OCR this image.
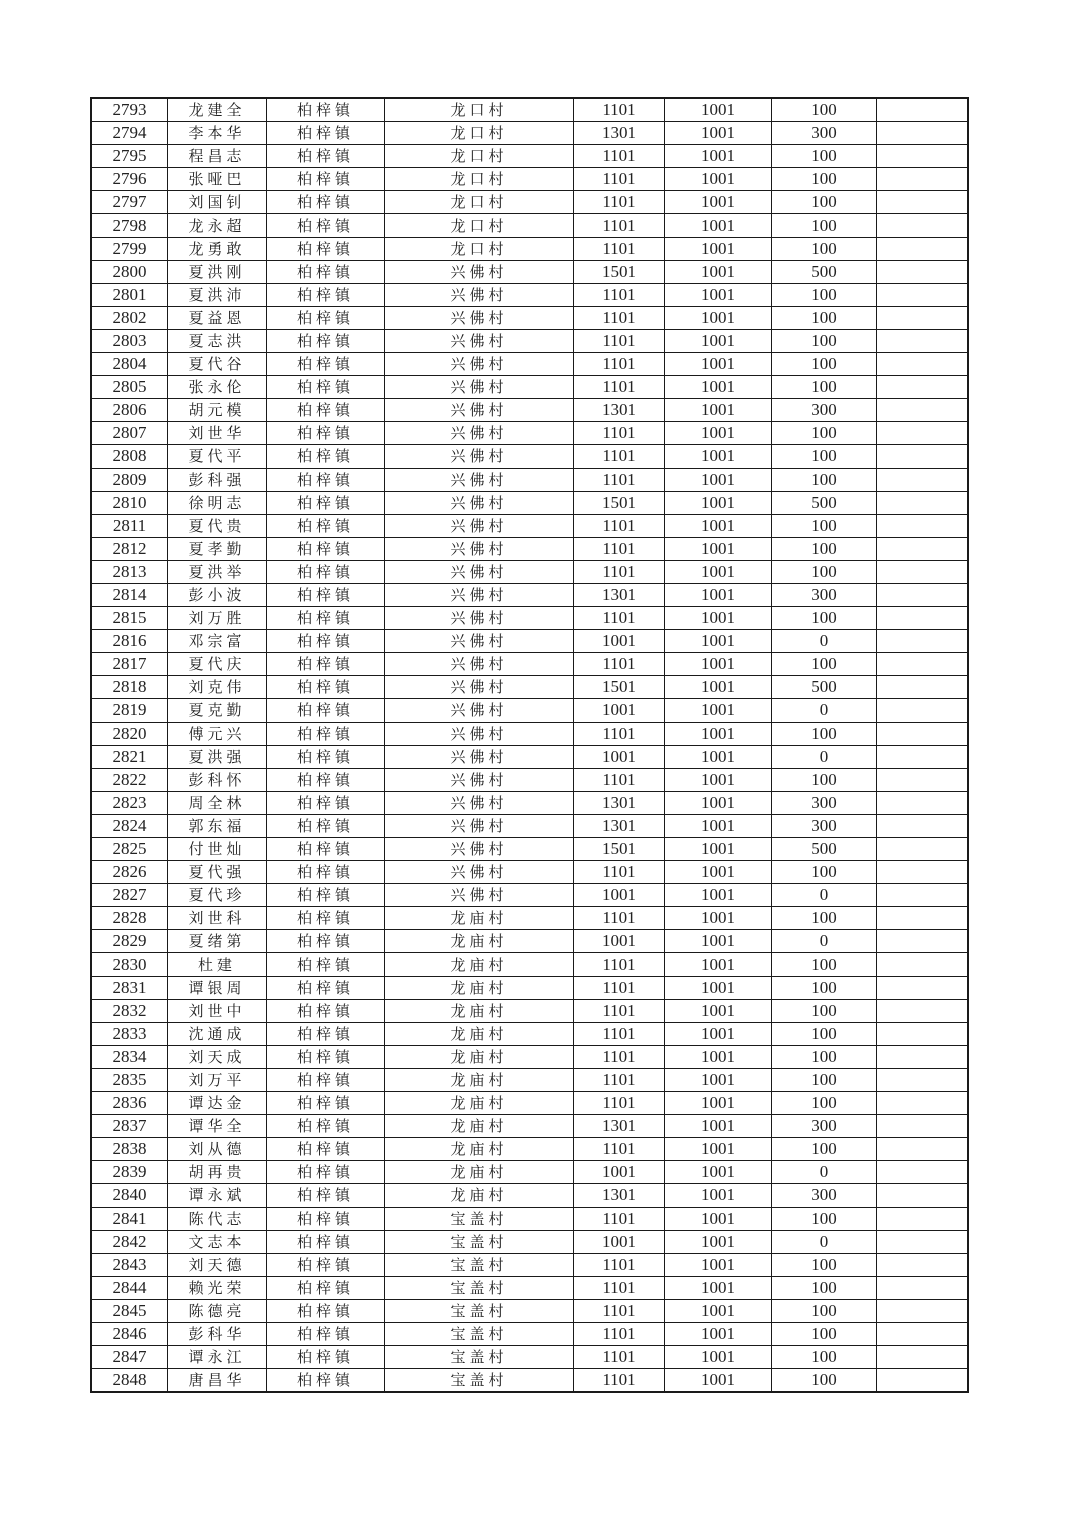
2793	龙建全	柏梓镇	龙口村	1101	1001	100	
2794	李本华	柏梓镇	龙口村	1301	1001	300	
2795	程昌志	柏梓镇	龙口村	1101	1001	100	
2796	张哑巴	柏梓镇	龙口村	1101	1001	100	
2797	刘国钊	柏梓镇	龙口村	1101	1001	100	
2798	龙永超	柏梓镇	龙口村	1101	1001	100	
2799	龙勇敢	柏梓镇	龙口村	1101	1001	100	
2800	夏洪刚	柏梓镇	兴佛村	1501	1001	500	
2801	夏洪沛	柏梓镇	兴佛村	1101	1001	100	
2802	夏益恩	柏梓镇	兴佛村	1101	1001	100	
2803	夏志洪	柏梓镇	兴佛村	1101	1001	100	
2804	夏代谷	柏梓镇	兴佛村	1101	1001	100	
2805	张永伦	柏梓镇	兴佛村	1101	1001	100	
2806	胡元模	柏梓镇	兴佛村	1301	1001	300	
2807	刘世华	柏梓镇	兴佛村	1101	1001	100	
2808	夏代平	柏梓镇	兴佛村	1101	1001	100	
2809	彭科强	柏梓镇	兴佛村	1101	1001	100	
2810	徐明志	柏梓镇	兴佛村	1501	1001	500	
2811	夏代贵	柏梓镇	兴佛村	1101	1001	100	
2812	夏孝勤	柏梓镇	兴佛村	1101	1001	100	
2813	夏洪举	柏梓镇	兴佛村	1101	1001	100	
2814	彭小波	柏梓镇	兴佛村	1301	1001	300	
2815	刘万胜	柏梓镇	兴佛村	1101	1001	100	
2816	邓宗富	柏梓镇	兴佛村	1001	1001	0	
2817	夏代庆	柏梓镇	兴佛村	1101	1001	100	
2818	刘克伟	柏梓镇	兴佛村	1501	1001	500	
2819	夏克勤	柏梓镇	兴佛村	1001	1001	0	
2820	傅元兴	柏梓镇	兴佛村	1101	1001	100	
2821	夏洪强	柏梓镇	兴佛村	1001	1001	0	
2822	彭科怀	柏梓镇	兴佛村	1101	1001	100	
2823	周全林	柏梓镇	兴佛村	1301	1001	300	
2824	郭东福	柏梓镇	兴佛村	1301	1001	300	
2825	付世灿	柏梓镇	兴佛村	1501	1001	500	
2826	夏代强	柏梓镇	兴佛村	1101	1001	100	
2827	夏代珍	柏梓镇	兴佛村	1001	1001	0	
2828	刘世科	柏梓镇	龙庙村	1101	1001	100	
2829	夏绪第	柏梓镇	龙庙村	1001	1001	0	
2830	杜建	柏梓镇	龙庙村	1101	1001	100	
2831	谭银周	柏梓镇	龙庙村	1101	1001	100	
2832	刘世中	柏梓镇	龙庙村	1101	1001	100	
2833	沈通成	柏梓镇	龙庙村	1101	1001	100	
2834	刘天成	柏梓镇	龙庙村	1101	1001	100	
2835	刘万平	柏梓镇	龙庙村	1101	1001	100	
2836	谭达金	柏梓镇	龙庙村	1101	1001	100	
2837	谭华全	柏梓镇	龙庙村	1301	1001	300	
2838	刘从德	柏梓镇	龙庙村	1101	1001	100	
2839	胡再贵	柏梓镇	龙庙村	1001	1001	0	
2840	谭永斌	柏梓镇	龙庙村	1301	1001	300	
2841	陈代志	柏梓镇	宝盖村	1101	1001	100	
2842	文志本	柏梓镇	宝盖村	1001	1001	0	
2843	刘天德	柏梓镇	宝盖村	1101	1001	100	
2844	赖光荣	柏梓镇	宝盖村	1101	1001	100	
2845	陈德亮	柏梓镇	宝盖村	1101	1001	100	
2846	彭科华	柏梓镇	宝盖村	1101	1001	100	
2847	谭永江	柏梓镇	宝盖村	1101	1001	100	
2848	唐昌华	柏梓镇	宝盖村	1101	1001	100	
